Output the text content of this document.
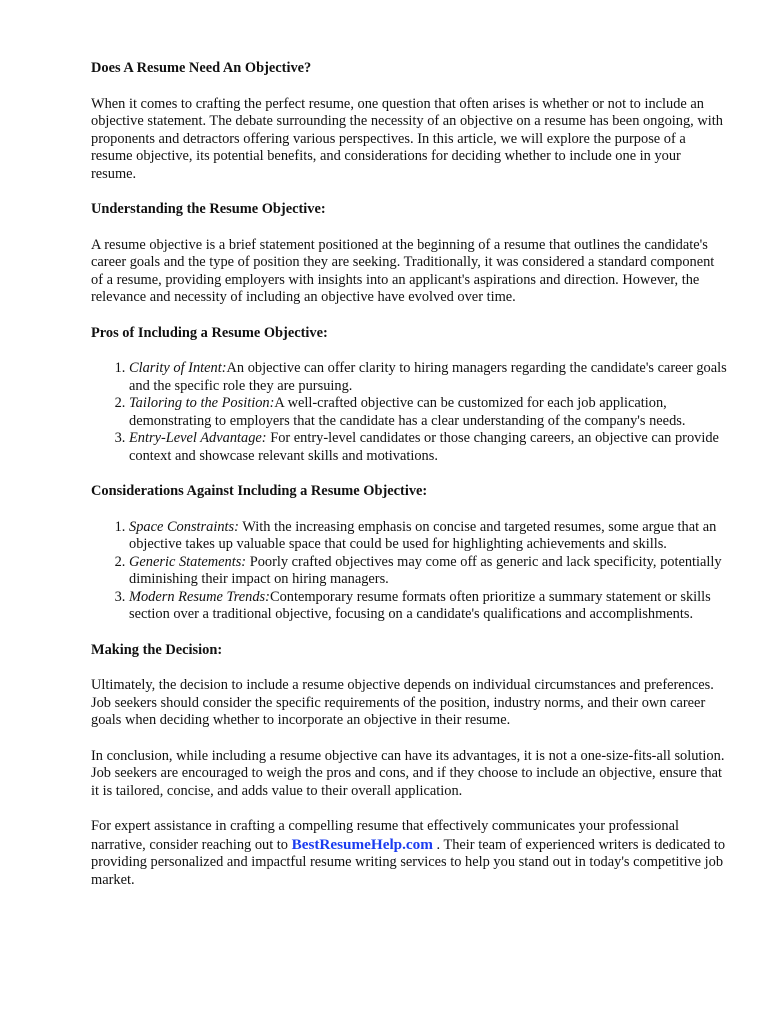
Does A Resume Need An Objective?

When it comes to crafting the perfect resume, one question that often arises is whether or not to include an objective statement. The debate surrounding the necessity of an objective on a resume has been ongoing, with proponents and detractors offering various perspectives. In this article, we will explore the purpose of a resume objective, its potential benefits, and considerations for deciding whether to include one in your resume.

Understanding the Resume Objective:

A resume objective is a brief statement positioned at the beginning of a resume that outlines the candidate's career goals and the type of position they are seeking. Traditionally, it was considered a standard component of a resume, providing employers with insights into an applicant's aspirations and direction. However, the relevance and necessity of including an objective have evolved over time.

Pros of Including a Resume Objective:
1. Clarity of Intent:An objective can offer clarity to hiring managers regarding the candidate's career goals and the specific role they are pursuing.
2. Tailoring to the Position:A well-crafted objective can be customized for each job application, demonstrating to employers that the candidate has a clear understanding of the company's needs.
3. Entry-Level Advantage: For entry-level candidates or those changing careers, an objective can provide context and showcase relevant skills and motivations.
Considerations Against Including a Resume Objective:
1. Space Constraints: With the increasing emphasis on concise and targeted resumes, some argue that an objective takes up valuable space that could be used for highlighting achievements and skills.
2. Generic Statements: Poorly crafted objectives may come off as generic and lack specificity, potentially diminishing their impact on hiring managers.
3. Modern Resume Trends:Contemporary resume formats often prioritize a summary statement or skills section over a traditional objective, focusing on a candidate's qualifications and accomplishments.
Making the Decision:

Ultimately, the decision to include a resume objective depends on individual circumstances and preferences. Job seekers should consider the specific requirements of the position, industry norms, and their own career goals when deciding whether to incorporate an objective in their resume.

In conclusion, while including a resume objective can have its advantages, it is not a one-size-fits-all solution. Job seekers are encouraged to weigh the pros and cons, and if they choose to include an objective, ensure that it is tailored, concise, and adds value to their overall application.

For expert assistance in crafting a compelling resume that effectively communicates your professional narrative, consider reaching out to BestResumeHelp.com . Their team of experienced writers is dedicated to providing personalized and impactful resume writing services to help you stand out in today's competitive job market.
